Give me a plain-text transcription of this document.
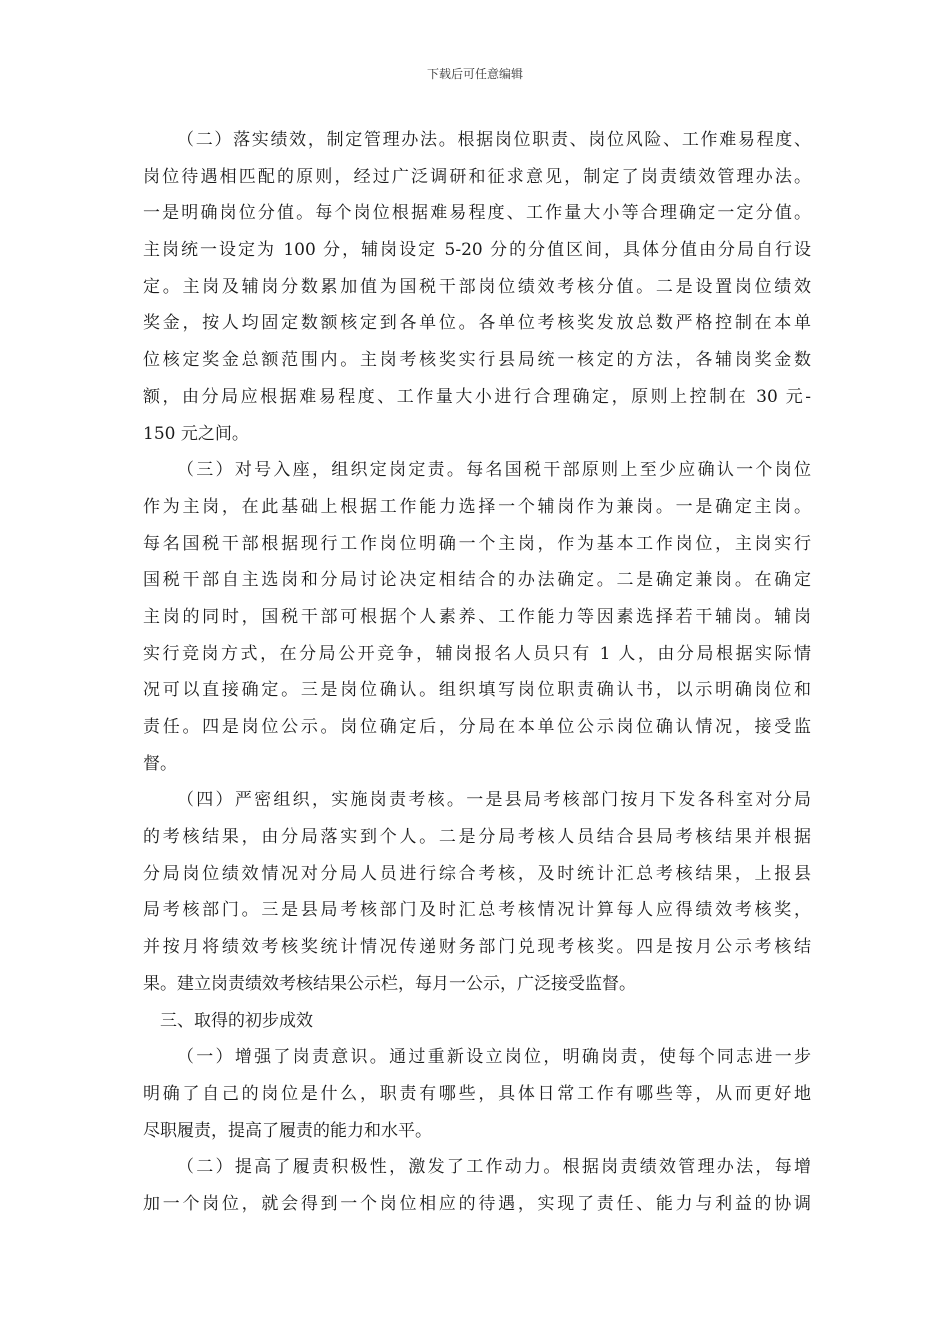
下载后可任意编辑
（二）落实绩效，制定管理办法。根据岗位职责、岗位风险、工作难易程度、
岗位待遇相匹配的原则，经过广泛调研和征求意见，制定了岗责绩效管理办法。
一是明确岗位分值。每个岗位根据难易程度、工作量大小等合理确定一定分值。
主岗统一设定为 100 分，辅岗设定 5-20 分的分值区间，具体分值由分局自行设
定。主岗及辅岗分数累加值为国税干部岗位绩效考核分值。二是设置岗位绩效
奖金，按人均固定数额核定到各单位。各单位考核奖发放总数严格控制在本单
位核定奖金总额范围内。主岗考核奖实行县局统一核定的方法，各辅岗奖金数
额，由分局应根据难易程度、工作量大小进行合理确定，原则上控制在 30 元-
150 元之间。
（三）对号入座，组织定岗定责。每名国税干部原则上至少应确认一个岗位
作为主岗，在此基础上根据工作能力选择一个辅岗作为兼岗。一是确定主岗。
每名国税干部根据现行工作岗位明确一个主岗，作为基本工作岗位，主岗实行
国税干部自主选岗和分局讨论决定相结合的办法确定。二是确定兼岗。在确定
主岗的同时，国税干部可根据个人素养、工作能力等因素选择若干辅岗。辅岗
实行竞岗方式，在分局公开竞争，辅岗报名人员只有 1 人，由分局根据实际情
况可以直接确定。三是岗位确认。组织填写岗位职责确认书，以示明确岗位和
责任。四是岗位公示。岗位确定后，分局在本单位公示岗位确认情况，接受监
督。
（四）严密组织，实施岗责考核。一是县局考核部门按月下发各科室对分局
的考核结果，由分局落实到个人。二是分局考核人员结合县局考核结果并根据
分局岗位绩效情况对分局人员进行综合考核，及时统计汇总考核结果，上报县
局考核部门。三是县局考核部门及时汇总考核情况计算每人应得绩效考核奖，
并按月将绩效考核奖统计情况传递财务部门兑现考核奖。四是按月公示考核结
果。建立岗责绩效考核结果公示栏，每月一公示，广泛接受监督。
三、取得的初步成效
（一）增强了岗责意识。通过重新设立岗位，明确岗责，使每个同志进一步
明确了自己的岗位是什么，职责有哪些，具体日常工作有哪些等，从而更好地
尽职履责，提高了履责的能力和水平。
（二）提高了履责积极性，激发了工作动力。根据岗责绩效管理办法，每增
加一个岗位，就会得到一个岗位相应的待遇，实现了责任、能力与利益的协调
